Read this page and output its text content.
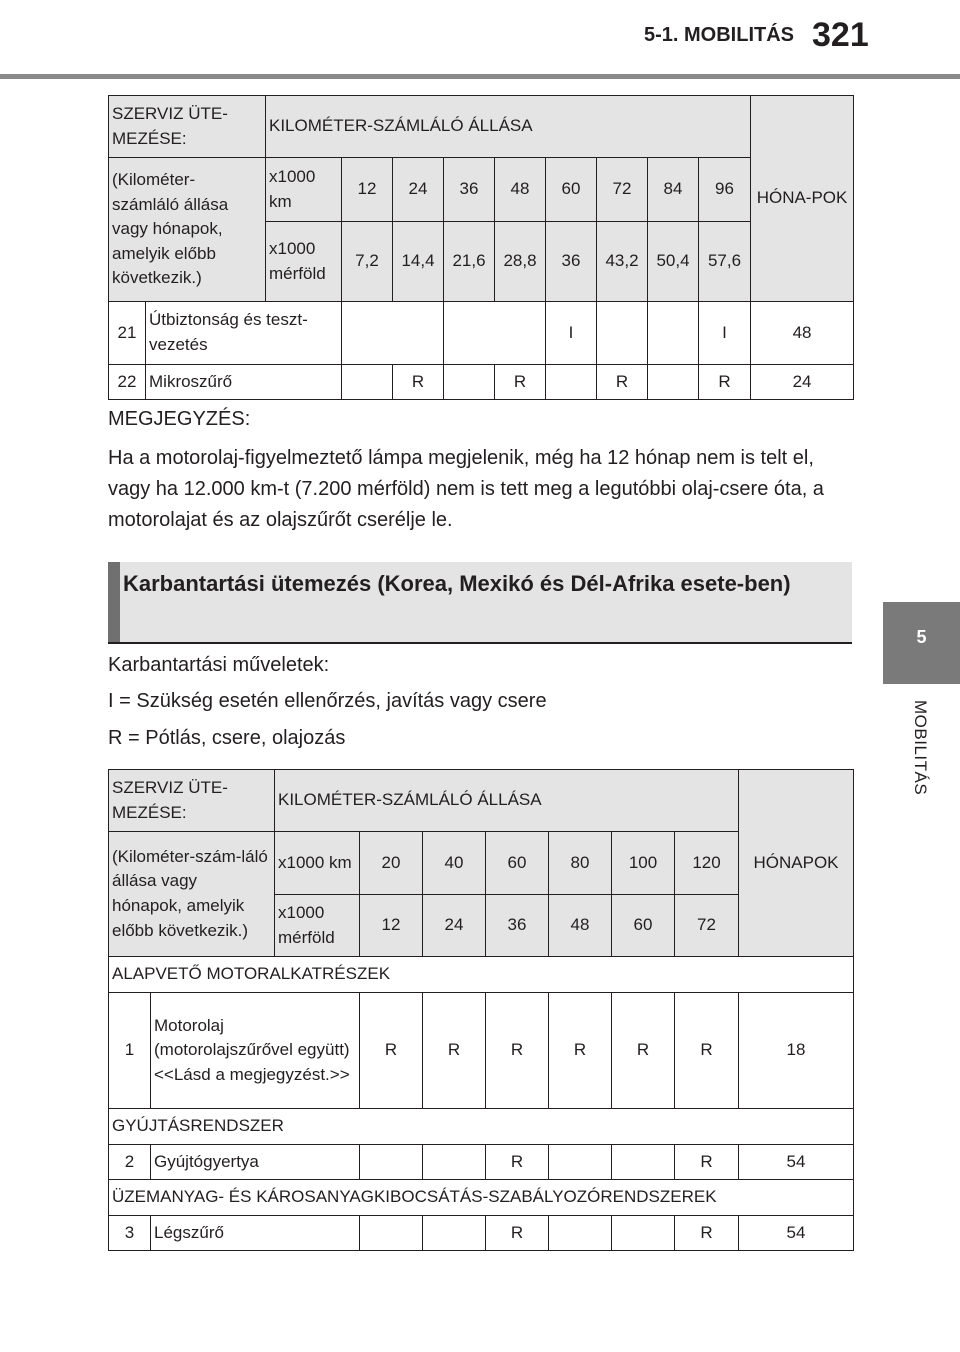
5-1. MOBILITÁS 321
5
MOBILITÁS
SZERVIZ ÜTE-MEZÉSE:		KILOMÉTER-SZÁMLÁLÓ ÁLLÁSA									HÓNA-POK
(Kilométer-számláló állása vagy hónapok, amelyik előbb következik.)		x1000 km	12	24	36	48	60	72	84	96	
		x1000 mérföld	7,2	14,4	21,6	28,8	36	43,2	50,4	57,6	
21	Útbiztonság és teszt-vezetés						I			I	48
22	Mikroszűrő			R		R		R		R	24
MEGJEGYZÉS:
Ha a motorolaj-figyelmeztető lámpa megjelenik, még ha 12 hónap nem is telt el, vagy ha 12.000 km-t (7.200 mérföld) nem is tett meg a legutóbbi olaj-csere óta, a motorolajat és az olajszűrőt cserélje le.
Karbantartási ütemezés (Korea, Mexikó és Dél-Afrika esete-ben)
Karbantartási műveletek:
I = Szükség esetén ellenőrzés, javítás vagy csere
R = Pótlás, csere, olajozás
SZERVIZ ÜTE-MEZÉSE:		KILOMÉTER-SZÁMLÁLÓ ÁLLÁSA							HÓNAPOK
(Kilométer-szám-láló állása vagy hónapok, amelyik előbb következik.)		x1000 km	20	40	60	80	100	120	
		x1000 mérföld	12	24	36	48	60	72	
ALAPVETŐ MOTORALKATRÉSZEK									
1	Motorolaj (motorolajszűrővel együtt) <<Lásd a megjegyzést.>>		R	R	R	R	R	R	18
GYÚJTÁSRENDSZER									
2	Gyújtógyertya				R			R	54
ÜZEMANYAG- ÉS KÁROSANYAGKIBOCSÁTÁS-SZABÁLYOZÓRENDSZEREK									
3	Légszűrő				R			R	54
